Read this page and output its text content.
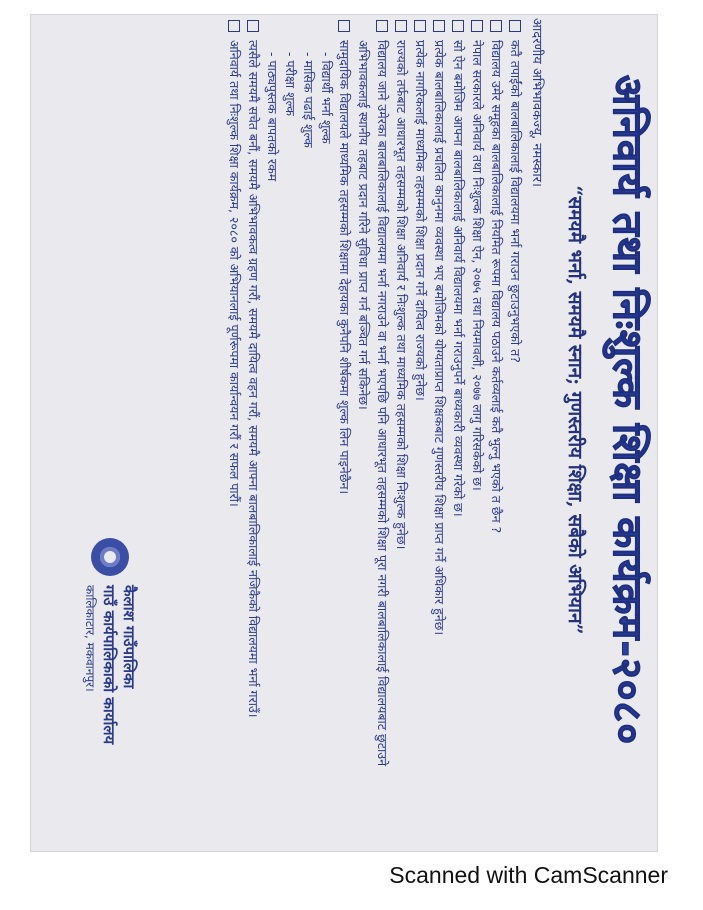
अनिवार्य तथा निःशुल्क शिक्षा कार्यक्रम-२०८०
“समयमै भर्ना, समयमै स्नान; गुणस्तरीय शिक्षा, सबैको अभियान”
आदरणीय अभिभावकज्यू, नमस्कार।
कतै तपाईंको बालबालिकालाई विद्यालयमा भर्ना गराउन छुटाउनुभएको त?
विद्यालय उमेर समूहका बालबालिकालाई नियमित रूपमा विद्यालय पठाउने कर्तव्यलाई कतै भुल्नु भएको त छैन ?
नेपाल सरकारले अनिवार्य तथा निःशुल्क शिक्षा ऐन, २०७५ तथा नियमावली, २०७७ लागु गरिसकेको छ।
सो ऐन बमोजिम आफ्ना बालबालिकालाई अनिवार्य विद्यालयमा भर्ना गराउनुपर्ने बाध्यकारी व्यवस्था गरेको छ।
प्रत्येक बालबालिकालाई प्रचलित कानुनमा व्यवस्था भए बमोजिमको योग्यताप्राप्त शिक्षकबाट गुणस्तरीय शिक्षा प्राप्त गर्ने अधिकार हुनेछ।
प्रत्येक नागरिकलाई माध्यमिक तहसम्मको शिक्षा प्रदान गर्ने दायित्व राज्यको हुनेछ।
राज्यको तर्फबाट आधारभूत तहसम्मको शिक्षा अनिवार्य र निःशुल्क तथा माध्यमिक तहसम्मको शिक्षा निःशुल्क हुनेछ।
विद्यालय जाने उमेरका बालबालिकालाई विद्यालयमा भर्ना नगराउने वा भर्ना भएपछि पनि आधारभूत तहसम्मको शिक्षा पूरा नगरी बालबालिकालाई विद्यालयबाट छुटाउने अभिभावकलाई स्थानीय तहबाट प्रदान गरिने सुविधा प्राप्त गर्न बञ्चित गर्न सकिनेछ।
सामुदायिक विद्यालयले माध्यमिक तहसम्मको शिक्षामा देहायका कुनैपनि शीर्षकमा शुल्क लिन पाइनेछैन।
- विद्यार्थी भर्ना शुल्क
- मासिक पढाई शुल्क
- परीक्षा शुल्क
- पाठ्यपुस्तक बापतको रकम
त्यसैले समयमै सचेत बनौं, समयमै अभिभावकत्व ग्रहण गरौं, समयमै दायित्व वहन गरौं, समयमै आफ्ना बालबालिकालाई नजिकैको विद्यालयमा भर्ना गराउँ।
अनिवार्य तथा निःशुल्क शिक्षा कार्यक्रम, २०८० को अभियानलाई पूर्णरूपमा कार्यान्वयन गरौं र सफल पारौं।
कैलाश गाउँपालिका
गाउँ कार्यपालिकाको कार्यालय
कालिकाटार, मकवानपुर।
Scanned with CamScanner
